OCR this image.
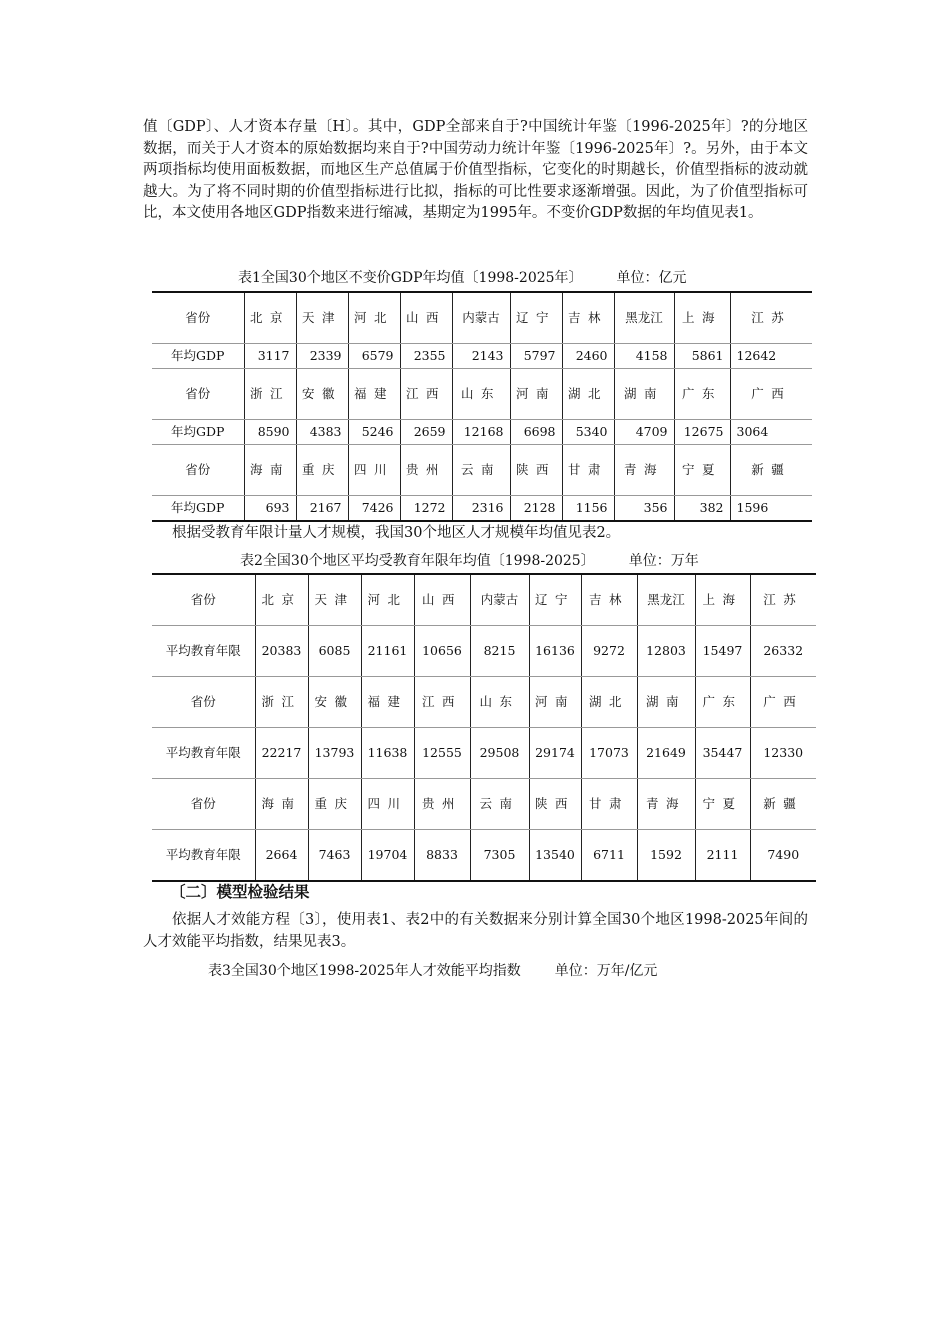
值〔GDP〕、人才资本存量〔H〕。其中，GDP全部来自于?中国统计年鉴〔1996-2025年〕?的分地区数据，而关于人才资本的原始数据均来自于?中国劳动力统计年鉴〔1996-2025年〕?。另外，由于本文两项指标均使用面板数据，而地区生产总值属于价值型指标，它变化的时期越长，价值型指标的波动就越大。为了将不同时期的价值型指标进行比拟，指标的可比性要求逐渐增强。因此，为了价值型指标可比，本文使用各地区GDP指数来进行缩减，基期定为1995年。不变价GDP数据的年均值见表1。

表1全国30个地区不变价GDP年均值〔1998-2025年〕 单位：亿元
省份	北京	天津	河北	山西	内蒙古	辽宁	吉林	黑龙江	上海	江苏
年均GDP	3117	2339	6579	2355	2143	5797	2460	4158	5861	12642
省份	浙江	安徽	福建	江西	山东	河南	湖北	湖南	广东	广西
年均GDP	8590	4383	5246	2659	12168	6698	5340	4709	12675	3064
省份	海南	重庆	四川	贵州	云南	陕西	甘肃	青海	宁夏	新疆
年均GDP	693	2167	7426	1272	2316	2128	1156	356	382	1596

根据受教育年限计量人才规模，我国30个地区人才规模年均值见表2。

表2全国30个地区平均受教育年限年均值〔1998-2025〕 单位：万年
省份	北京	天津	河北	山西	内蒙古	辽宁	吉林	黑龙江	上海	江苏
平均教育年限	20383	6085	21161	10656	8215	16136	9272	12803	15497	26332
省份	浙江	安徽	福建	江西	山东	河南	湖北	湖南	广东	广西
平均教育年限	22217	13793	11638	12555	29508	29174	17073	21649	35447	12330
省份	海南	重庆	四川	贵州	云南	陕西	甘肃	青海	宁夏	新疆
平均教育年限	2664	7463	19704	8833	7305	13540	6711	1592	2111	7490
〔二〕模型检验结果

依据人才效能方程〔3〕，使用表1、表2中的有关数据来分别计算全国30个地区1998-2025年间的人才效能平均指数，结果见表3。

表3全国30个地区1998-2025年人才效能平均指数 单位：万年/亿元
